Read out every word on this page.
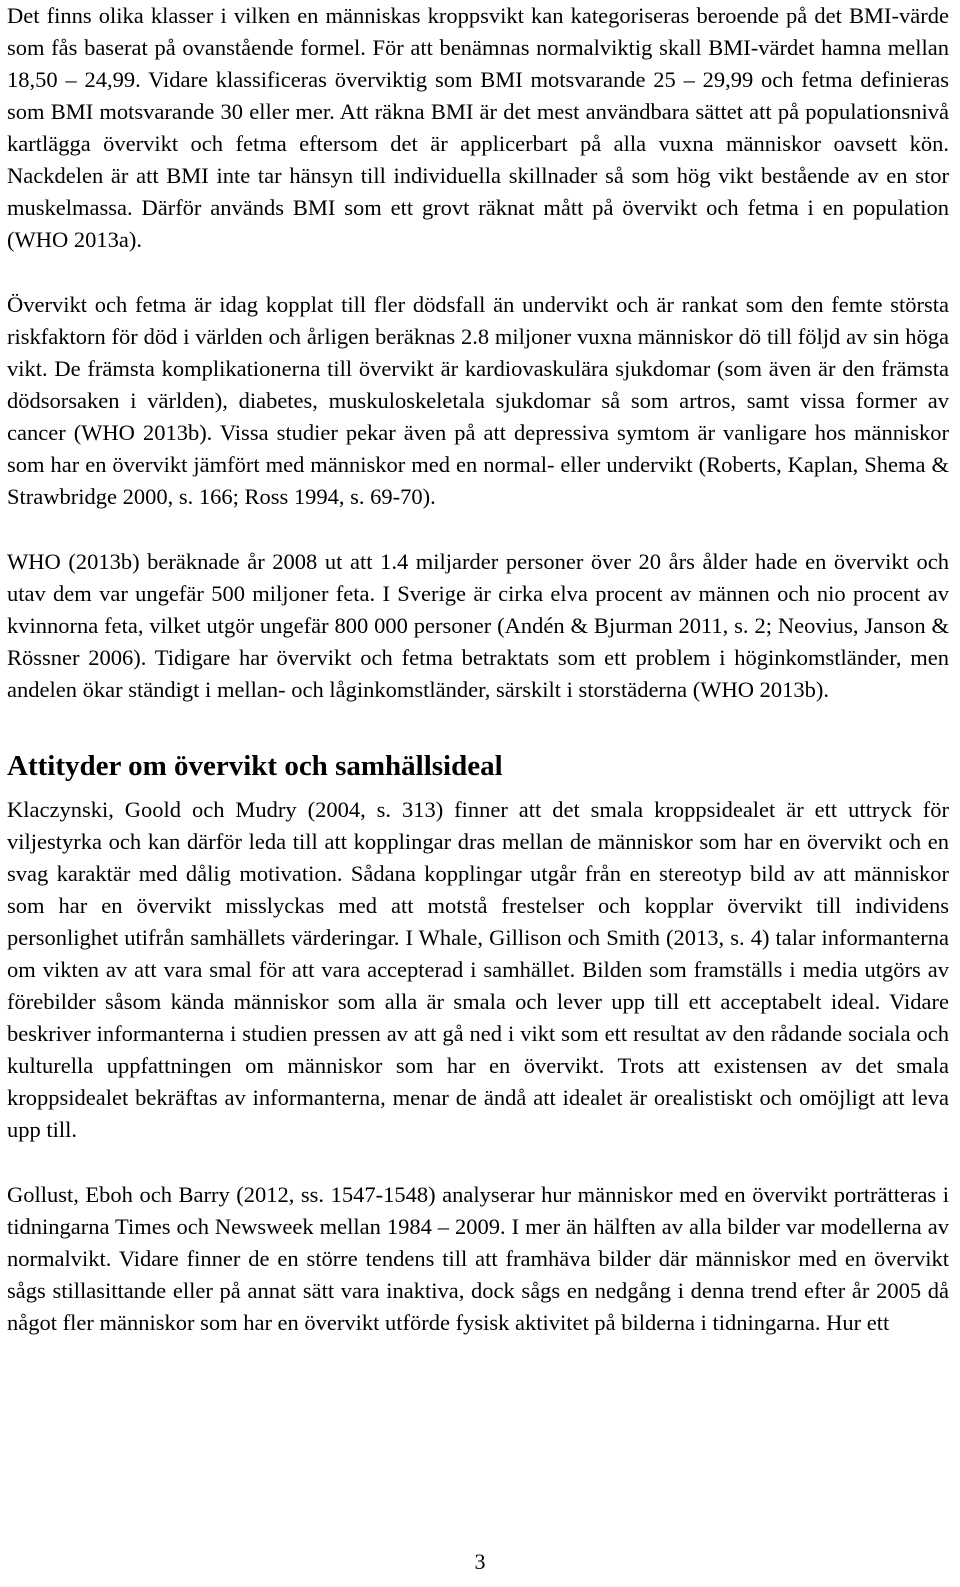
Det finns olika klasser i vilken en människas kroppsvikt kan kategoriseras beroende på det BMI-värde som fås baserat på ovanstående formel. För att benämnas normalviktig skall BMI-värdet hamna mellan 18,50 – 24,99. Vidare klassificeras överviktig som BMI motsvarande 25 – 29,99 och fetma definieras som BMI motsvarande 30 eller mer. Att räkna BMI är det mest användbara sättet att på populationsnivå kartlägga övervikt och fetma eftersom det är applicerbart på alla vuxna människor oavsett kön. Nackdelen är att BMI inte tar hänsyn till individuella skillnader så som hög vikt bestående av en stor muskelmassa. Därför används BMI som ett grovt räknat mått på övervikt och fetma i en population (WHO 2013a).

Övervikt och fetma är idag kopplat till fler dödsfall än undervikt och är rankat som den femte största riskfaktorn för död i världen och årligen beräknas 2.8 miljoner vuxna människor dö till följd av sin höga vikt. De främsta komplikationerna till övervikt är kardiovaskulära sjukdomar (som även är den främsta dödsorsaken i världen), diabetes, muskuloskeletala sjukdomar så som artros, samt vissa former av cancer (WHO 2013b). Vissa studier pekar även på att depressiva symtom är vanligare hos människor som har en övervikt jämfört med människor med en normal- eller undervikt (Roberts, Kaplan, Shema & Strawbridge 2000, s. 166; Ross 1994, s. 69-70).

WHO (2013b) beräknade år 2008 ut att 1.4 miljarder personer över 20 års ålder hade en övervikt och utav dem var ungefär 500 miljoner feta. I Sverige är cirka elva procent av männen och nio procent av kvinnorna feta, vilket utgör ungefär 800 000 personer (Andén & Bjurman 2011, s. 2; Neovius, Janson & Rössner 2006). Tidigare har övervikt och fetma betraktats som ett problem i höginkomstländer, men andelen ökar ständigt i mellan- och låginkomstländer, särskilt i storstäderna (WHO 2013b).

Attityder om övervikt och samhällsideal

Klaczynski, Goold och Mudry (2004, s. 313) finner att det smala kroppsidealet är ett uttryck för viljestyrka och kan därför leda till att kopplingar dras mellan de människor som har en övervikt och en svag karaktär med dålig motivation. Sådana kopplingar utgår från en stereotyp bild av att människor som har en övervikt misslyckas med att motstå frestelser och kopplar övervikt till individens personlighet utifrån samhällets värderingar. I Whale, Gillison och Smith (2013, s. 4) talar informanterna om vikten av att vara smal för att vara accepterad i samhället. Bilden som framställs i media utgörs av förebilder såsom kända människor som alla är smala och lever upp till ett acceptabelt ideal. Vidare beskriver informanterna i studien pressen av att gå ned i vikt som ett resultat av den rådande sociala och kulturella uppfattningen om människor som har en övervikt. Trots att existensen av det smala kroppsidealet bekräftas av informanterna, menar de ändå att idealet är orealistiskt och omöjligt att leva upp till.

Gollust, Eboh och Barry (2012, ss. 1547-1548) analyserar hur människor med en övervikt porträtteras i tidningarna Times och Newsweek mellan 1984 – 2009. I mer än hälften av alla bilder var modellerna av normalvikt. Vidare finner de en större tendens till att framhäva bilder där människor med en övervikt sågs stillasittande eller på annat sätt vara inaktiva, dock sågs en nedgång i denna trend efter år 2005 då något fler människor som har en övervikt utförde fysisk aktivitet på bilderna i tidningarna. Hur ett

3
